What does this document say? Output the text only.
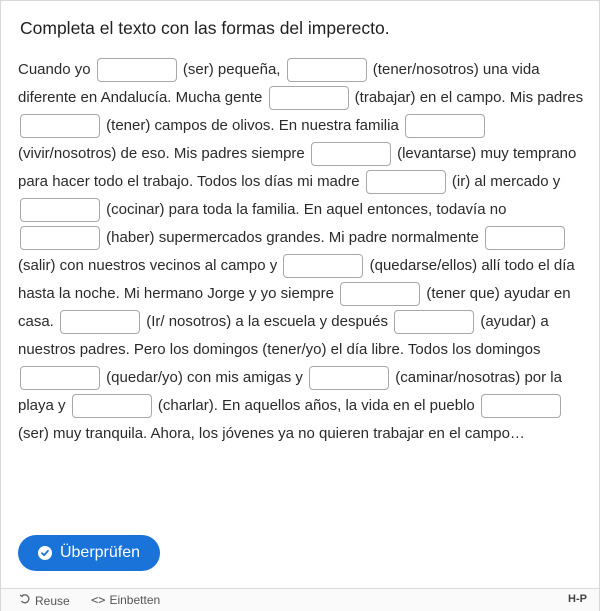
Completa el texto con las formas del imperecto.
Cuando yo	(ser) pequeña,	(tener/nosotros) una vida diferente en Andalucía. Mucha gente	(trabajar) en el campo. Mis padres  (tener) campos de olivos. En nuestra familia  (vivir/nosotros) de eso. Mis padres siempre	(levantarse) muy temprano para hacer todo el trabajo. Todos los días mi madre	(ir) al mercado y  (cocinar) para toda la familia. En aquel entonces, todavía no  (haber) supermercados grandes. Mi padre normalmente  (salir) con nuestros vecinos al campo y	(quedarse/ellos) allí todo el día hasta la noche. Mi hermano Jorge y yo siempre	(tener que) ayudar en casa.	(Ir/ nosotros) a la escuela y después	(ayudar) a nuestros padres. Pero los domingos (tener/yo) el día libre. Todos los domingos  (quedar/yo) con mis amigas y	(caminar/nosotras) por la playa y	(charlar). En aquellos años, la vida en el pueblo  (ser) muy tranquila. Ahora, los jóvenes ya no quieren trabajar en el campo…
Überprüfen
Reuse <> Einbetten	H-P
